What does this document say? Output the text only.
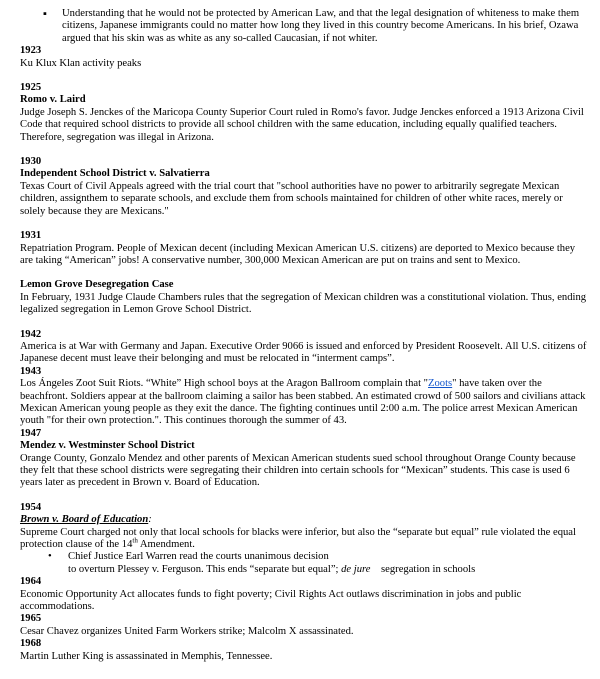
▪ Understanding that he would not be protected by American Law, and that the legal designation of whiteness to make them citizens, Japanese immigrants could no matter how long they lived in this country become Americans. In his brief, Ozawa argued that his skin was as white as any so-called Caucasian, if not whiter.
1923
Ku Klux Klan activity peaks
1925
Romo v. Laird
Judge Joseph S. Jenckes of the Maricopa County Superior Court ruled in Romo's favor. Judge Jenckes enforced a 1913 Arizona Civil Code that required school districts to provide all school children with the same education, including equally qualified teachers. Therefore, segregation was illegal in Arizona.
1930
Independent School District v. Salvatierra
Texas Court of Civil Appeals agreed with the trial court that "school authorities have no power to arbitrarily segregate Mexican children, assignthem to separate schools, and exclude them from schools maintained for children of other white races, merely or solely because they are Mexicans."
1931
Repatriation Program. People of Mexican decent (including Mexican American U.S. citizens) are deported to Mexico because they are taking “American” jobs! A conservative number, 300,000 Mexican American are put on trains and sent to Mexico.
Lemon Grove Desegregation Case
In February, 1931 Judge Claude Chambers rules that the segregation of Mexican children was a constitutional violation. Thus, ending legalized segregation in Lemon Grove School District.
1942
America is at War with Germany and Japan. Executive Order 9066 is issued and enforced by President Roosevelt. All U.S. citizens of Japanese decent must leave their belonging and must be relocated in “interment camps”.
1943
Los Ángeles Zoot Suit Riots. “White” High school boys at the Aragon Ballroom complain that "Zoots" have taken over the beachfront. Soldiers appear at the ballroom claiming a sailor has been stabbed. An estimated crowd of 500 sailors and civilians attack Mexican American young people as they exit the dance. The fighting continues until 2:00 a.m. The police arrest Mexican American youth "for their own protection.". This continues thorough the summer of 43.
1947
Mendez v. Westminster School District
Orange County, Gonzalo Mendez and other parents of Mexican American students sued school throughout Orange County because they felt that these school districts were segregating their children into certain schools for “Mexican” students. This case is used 6 years later as precedent in Brown v. Board of Education.
1954
Brown v. Board of Education:
Supreme Court charged not only that local schools for blacks were inferior, but also the “separate but equal” rule violated the equal protection clause of the 14th Amendment.
• Chief Justice Earl Warren read the courts unanimous decision
to overturn Plessey v. Ferguson. This ends “separate but equal”; de jure    segregation in schools
1964
Economic Opportunity Act allocates funds to fight poverty; Civil Rights Act outlaws discrimination in jobs and public accommodations.
1965
Cesar Chavez organizes United Farm Workers strike; Malcolm X assassinated.
1968
Martin Luther King is assassinated in Memphis, Tennessee.
